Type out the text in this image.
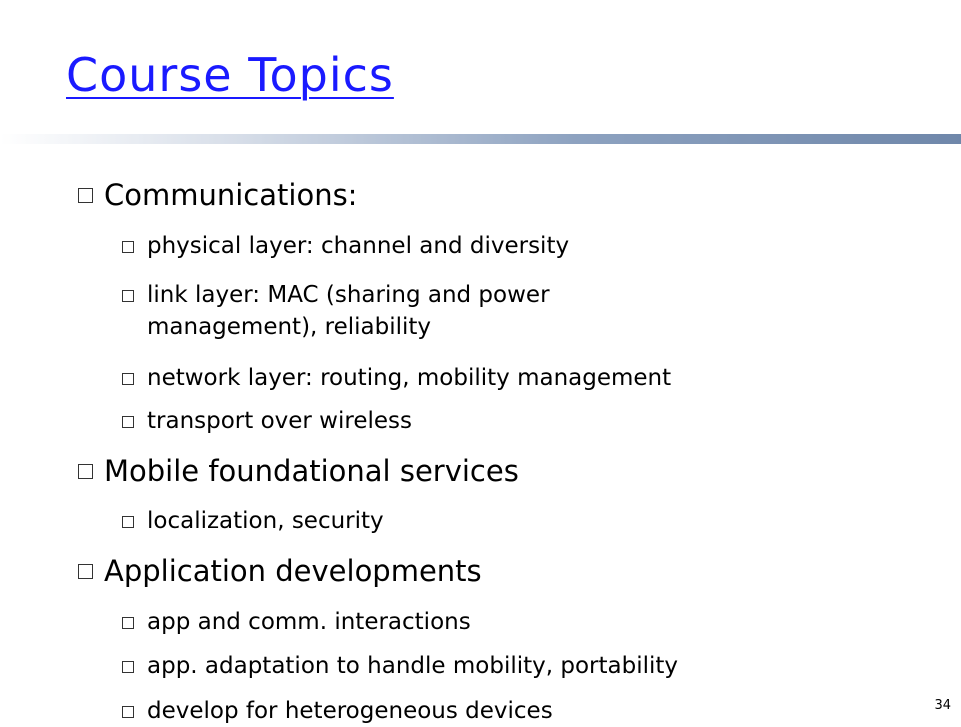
Course Topics
Communications:
physical layer: channel and diversity
link layer: MAC (sharing and power management), reliability
network layer: routing, mobility management
transport over wireless
Mobile foundational services
localization, security
Application developments
app and comm. interactions
app. adaptation to handle mobility, portability
develop for heterogeneous devices	34
